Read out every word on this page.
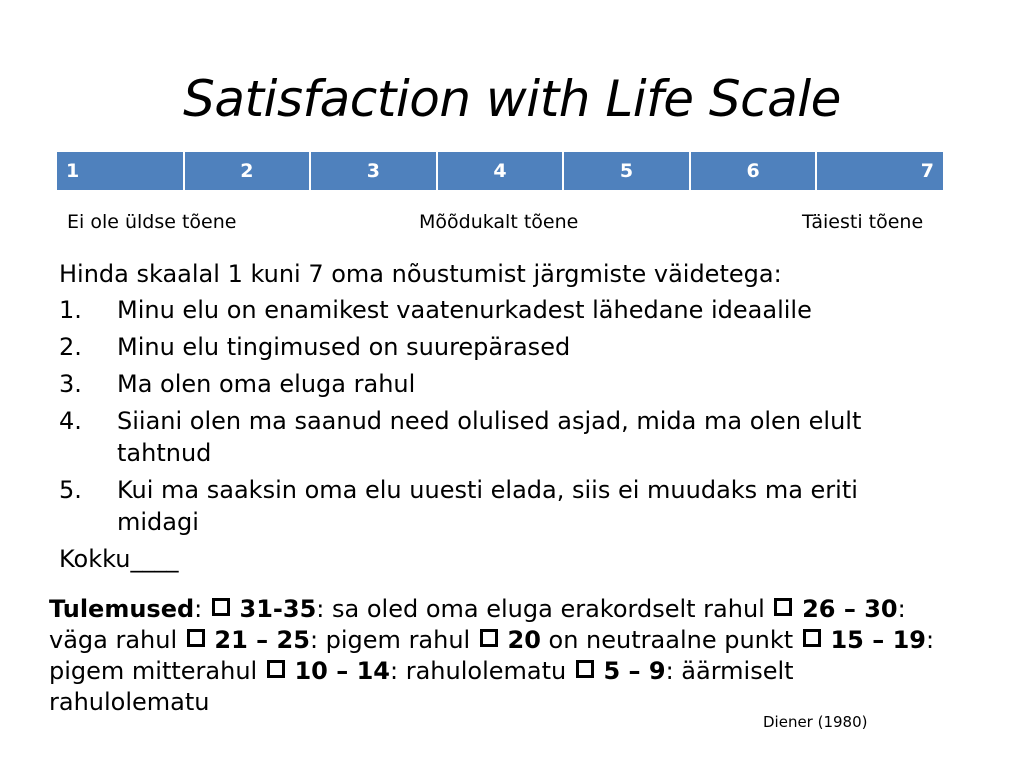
Satisfaction with Life Scale
1	2	3	4	5	6	7
Ei ole üldse tõene	Mõõdukalt tõene	Täiesti tõene
Hinda skaalal 1 kuni 7 oma nõustumist järgmiste väidetega:
1. Minu elu on enamikest vaatenurkadest lähedane ideaalile
2. Minu elu tingimused on suurepärased
3. Ma olen oma eluga rahul
4. Siiani olen ma saanud need olulised asjad, mida ma olen elult tahtnud
5. Kui ma saaksin oma elu uuesti elada, siis ei muudaks ma eriti midagi
Kokku____
Tulemused:  31-35: sa oled oma eluga erakordselt rahul  26 – 30: väga rahul  21 – 25: pigem rahul  20 on neutraalne punkt  15 – 19: pigem mitterahul  10 – 14: rahulolematu  5 – 9: äärmiselt rahulolematu
Diener (1980)
